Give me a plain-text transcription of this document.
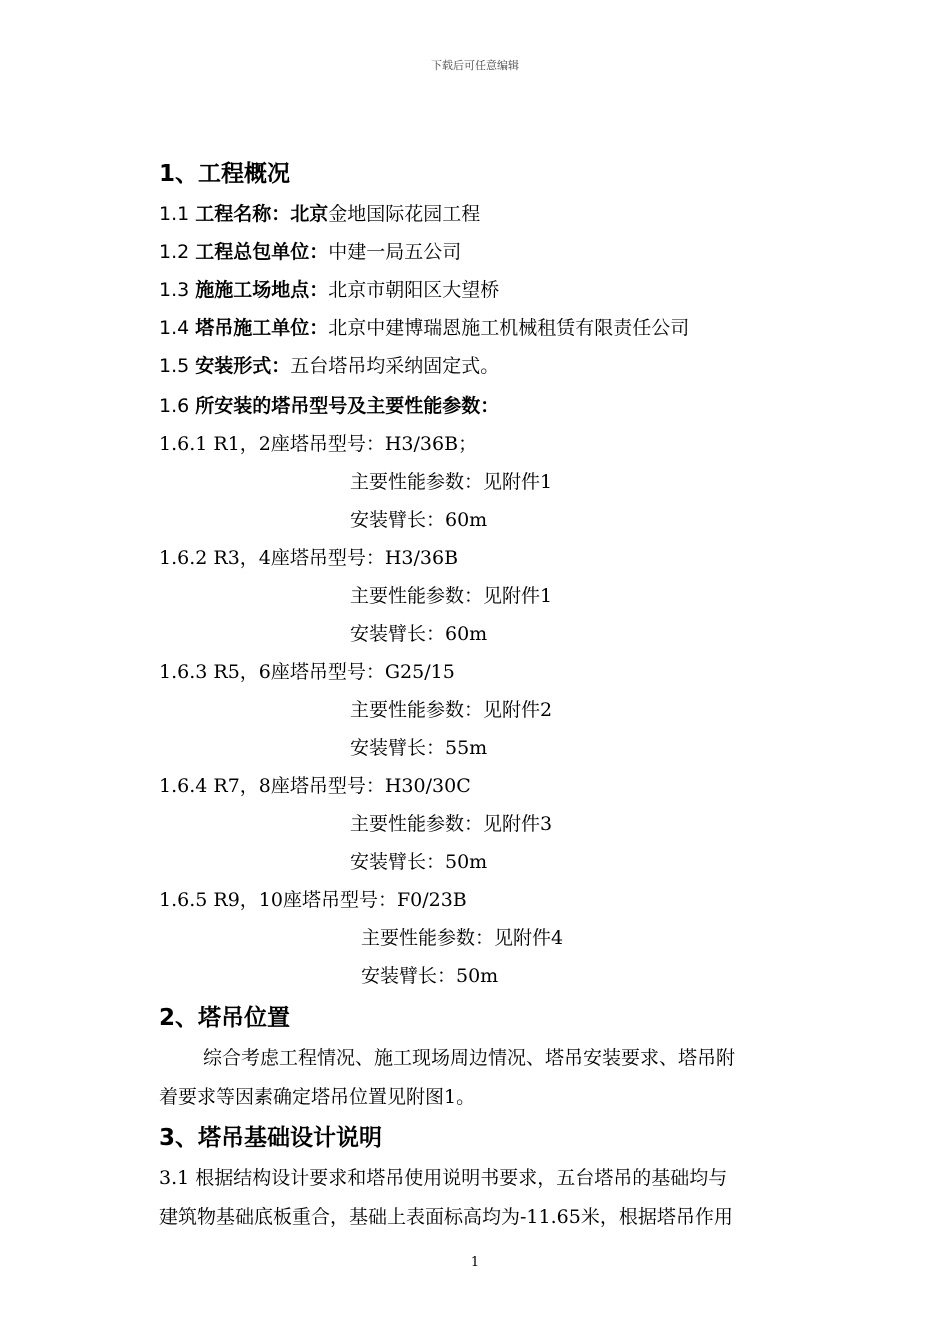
下载后可任意编辑
1、工程概况
1.1 工程名称：北京金地国际花园工程
1.2 工程总包单位：中建一局五公司
1.3 施施工场地点：北京市朝阳区大望桥
1.4 塔吊施工单位：北京中建博瑞恩施工机械租赁有限责任公司
1.5 安装形式：五台塔吊均采纳固定式。
1.6 所安装的塔吊型号及主要性能参数：
1.6.1 R1，2座塔吊型号：H3/36B；
主要性能参数：见附件1
安装臂长：60m
1.6.2 R3，4座塔吊型号：H3/36B
主要性能参数：见附件1
安装臂长：60m
1.6.3 R5，6座塔吊型号：G25/15
主要性能参数：见附件2
安装臂长：55m
1.6.4 R7，8座塔吊型号：H30/30C
主要性能参数：见附件3
安装臂长：50m
1.6.5 R9，10座塔吊型号：F0/23B
主要性能参数：见附件4
安装臂长：50m
2、塔吊位置
综合考虑工程情况、施工现场周边情况、塔吊安装要求、塔吊附
着要求等因素确定塔吊位置见附图1。
3、塔吊基础设计说明
3.1 根据结构设计要求和塔吊使用说明书要求，五台塔吊的基础均与
建筑物基础底板重合，基础上表面标高均为-11.65米，根据塔吊作用
1
